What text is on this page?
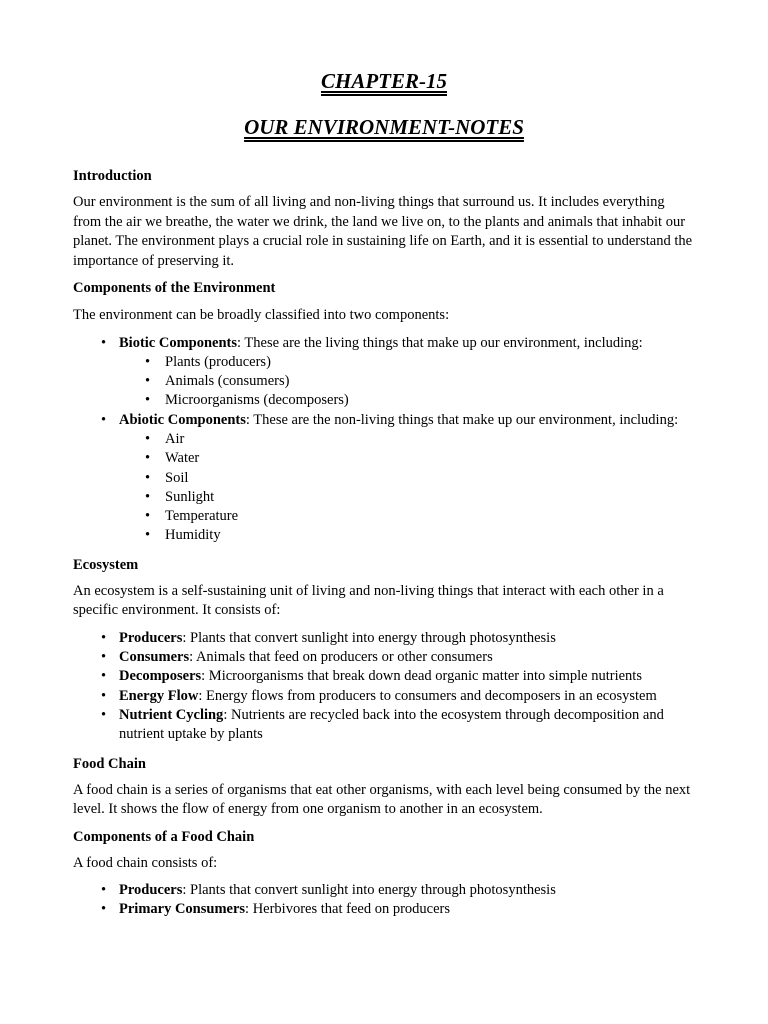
CHAPTER-15
OUR ENVIRONMENT-NOTES

Introduction

Our environment is the sum of all living and non-living things that surround us. It includes everything from the air we breathe, the water we drink, the land we live on, to the plants and animals that inhabit our planet. The environment plays a crucial role in sustaining life on Earth, and it is essential to understand the importance of preserving it.

Components of the Environment

The environment can be broadly classified into two components:

• Biotic Components: These are the living things that make up our environment, including:
• Plants (producers)
• Animals (consumers)
• Microorganisms (decomposers)
• Abiotic Components: These are the non-living things that make up our environment, including:
• Air
• Water
• Soil
• Sunlight
• Temperature
• Humidity

Ecosystem

An ecosystem is a self-sustaining unit of living and non-living things that interact with each other in a specific environment. It consists of:

• Producers: Plants that convert sunlight into energy through photosynthesis
• Consumers: Animals that feed on producers or other consumers
• Decomposers: Microorganisms that break down dead organic matter into simple nutrients
• Energy Flow: Energy flows from producers to consumers and decomposers in an ecosystem
• Nutrient Cycling: Nutrients are recycled back into the ecosystem through decomposition and nutrient uptake by plants

Food Chain

A food chain is a series of organisms that eat other organisms, with each level being consumed by the next level. It shows the flow of energy from one organism to another in an ecosystem.

Components of a Food Chain

A food chain consists of:

• Producers: Plants that convert sunlight into energy through photosynthesis
• Primary Consumers: Herbivores that feed on producers
